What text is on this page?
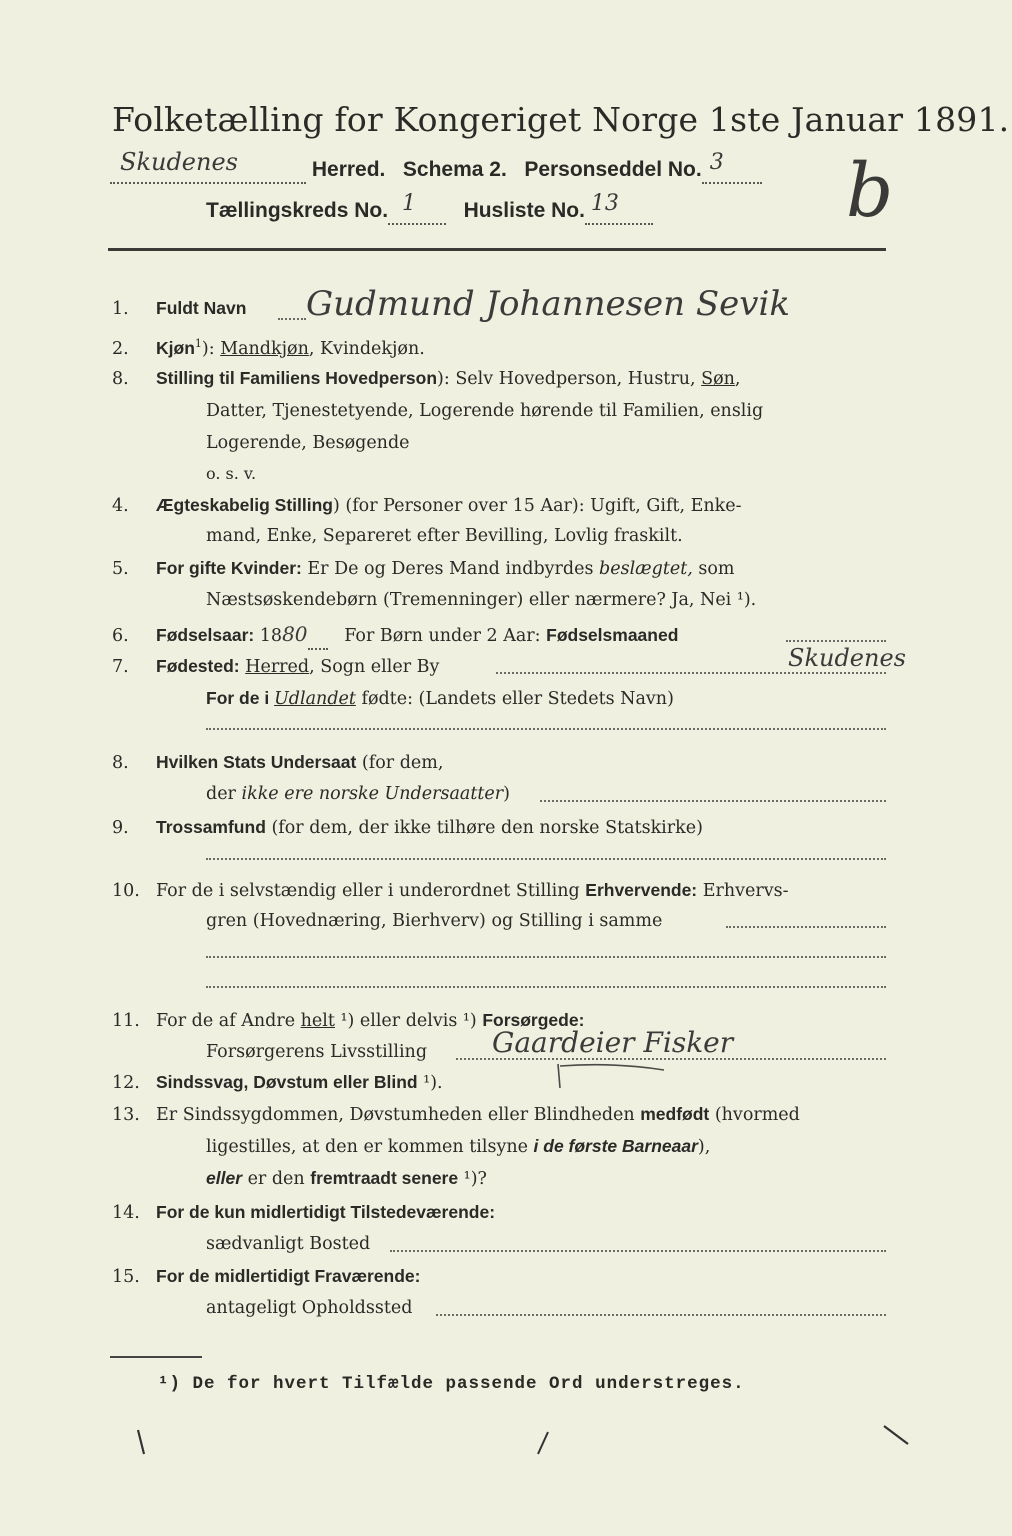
Folketælling for Kongeriget Norge 1ste Januar 1891.
Skudenes	Herred. Schema 2. Personseddel No. 3
b
Tællingskreds No. 1 Husliste No. 13

1. Fuldt Navn Gudmund Johannesen Sevik
2. Kjøn$^1$): Mandkjøn, Kvindekjøn.
8. Stilling til Familiens Hovedperson): Selv Hovedperson, Hustru, Søn,
Datter, Tjenestetyende, Logerende hørende til Familien, enslig
Logerende, Besøgende
o. s. v.
4. Ægteskabelig Stilling) (for Personer over 15 Aar): Ugift, Gift, Enke-
mand, Enke, Separeret efter Bevilling, Lovlig fraskilt.
5. For gifte Kvinder: Er De og Deres Mand indbyrdes beslægtet, som
Næstsøskendebørn (Tremenninger) eller nærmere? Ja, Nei ¹).
6. Fødselsaar: 1880 For Børn under 2 Aar: Fødselsmaaned
7. Fødested: Herred, Sogn eller By	Skudenes
For de i Udlandet fødte: (Landets eller Stedets Navn)
8. Hvilken Stats Undersaat (for dem,
der ikke ere norske Undersaatter)
9. Trossamfund (for dem, der ikke tilhøre den norske Statskirke)
10. For de i selvstændig eller i underordnet Stilling Erhvervende: Erhvervs-
gren (Hovednæring, Bierhverv) og Stilling i samme
11. For de af Andre helt ¹) eller delvis ¹) Forsørgede:
Forsørgerens Livsstilling Gaardeier Fisker
12. Sindssvag, Døvstum eller Blind ¹).
13. Er Sindssygdommen, Døvstumheden eller Blindheden medfødt (hvormed
ligestilles, at den er kommen tilsyne i de første Barneaar),
eller er den fremtraadt senere ¹)?
14. For de kun midlertidigt Tilstedeværende:
sædvanligt Bosted
15. For de midlertidigt Fraværende:
antageligt Opholdssted
¹) De for hvert Tilfælde passende Ord understreges.
